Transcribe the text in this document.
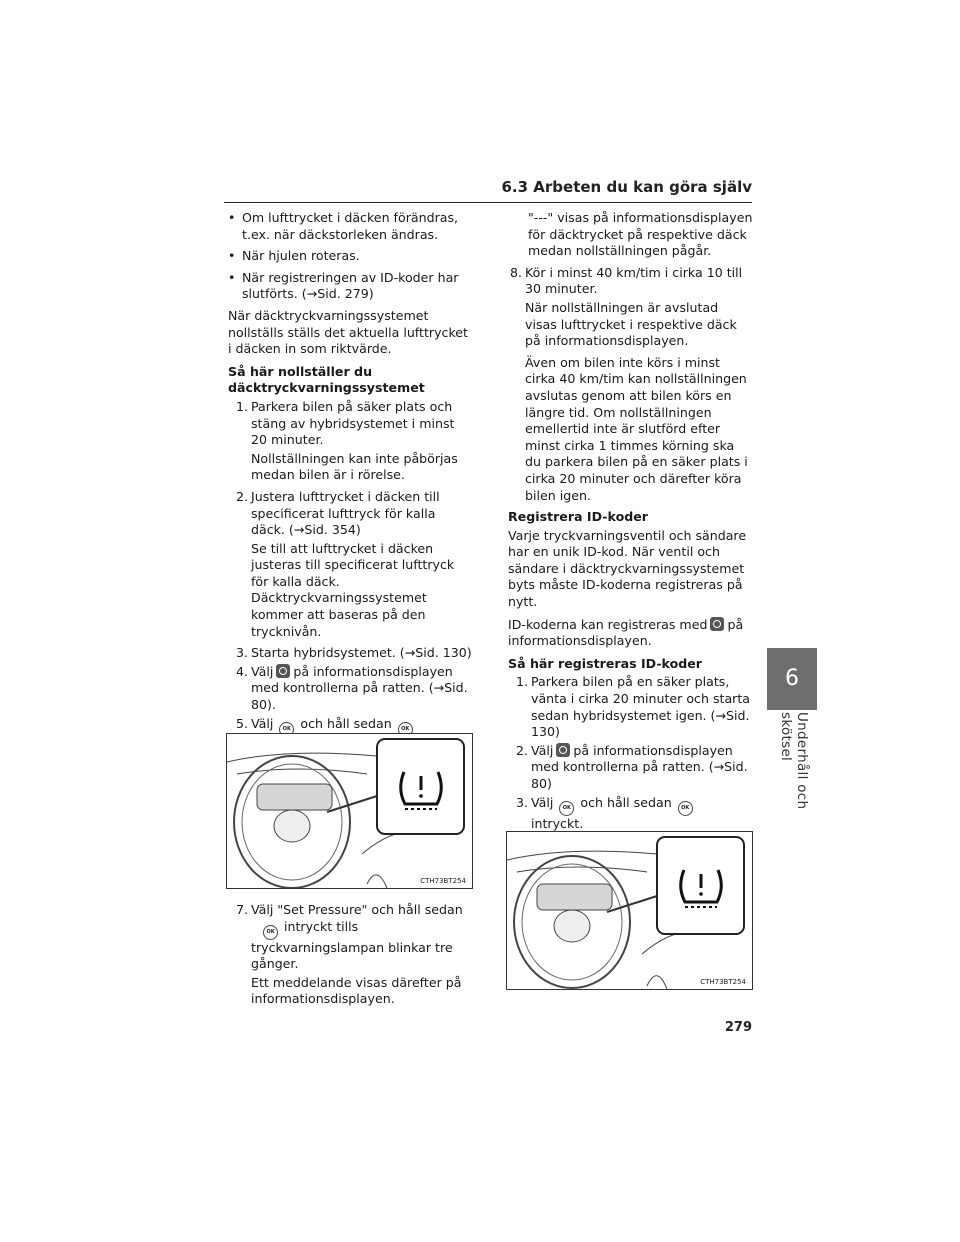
6.3 Arbeten du kan göra själv
• Om lufttrycket i däcken förändras, t.ex. när däckstorleken ändras.
• När hjulen roteras.
• När registreringen av ID-koder har slutförts. (→Sid. 279)

När däcktryckvarningssystemet nollställs ställs det aktuella lufttrycket i däcken in som riktvärde.

Så här nollställer du däcktryckvarningssystemet
1. Parkera bilen på säker plats och stäng av hybridsystemet i minst 20 minuter.
Nollställningen kan inte påbörjas medan bilen är i rörelse.
2. Justera lufttrycket i däcken till specificerat lufttryck för kalla däck. (→Sid. 354)
Se till att lufttrycket i däcken justeras till specificerat lufttryck för kalla däck. Däcktryckvarningssystemet kommer att baseras på den trycknivån.
3. Starta hybridsystemet. (→Sid. 130)
4. Välj på informationsdisplayen med kontrollerna på ratten. (→Sid. 80).
5. Välj OK och håll sedan OK

CTH73BT254
7. Välj "Set Pressure" och håll sedan
OK intryckt tills tryckvarningslampan blinkar tre gånger.
Ett meddelande visas därefter på informationsdisplayen.
"---" visas på informationsdisplayen för däcktrycket på respektive däck medan nollställningen pågår.
8. Kör i minst 40 km/tim i cirka 10 till 30 minuter.
När nollställningen är avslutad visas lufttrycket i respektive däck på informationsdisplayen.
Även om bilen inte körs i minst cirka 40 km/tim kan nollställningen avslutas genom att bilen körs en längre tid. Om nollställningen emellertid inte är slutförd efter minst cirka 1 timmes körning ska du parkera bilen på en säker plats i cirka 20 minuter och därefter köra bilen igen.
Registrera ID-koder

Varje tryckvarningsventil och sändare har en unik ID-kod. När ventil och sändare i däcktryckvarningssystemet byts måste ID-koderna registreras på nytt.

ID-koderna kan registreras med på informationsdisplayen.

Så här registreras ID-koder
1. Parkera bilen på en säker plats, vänta i cirka 20 minuter och starta sedan hybridsystemet igen. (→Sid. 130)
2. Välj på informationsdisplayen med kontrollerna på ratten. (→Sid. 80)
3. Välj OK och håll sedan OK
intryckt.

CTH73BT254
6
Underhåll och skötsel
279
